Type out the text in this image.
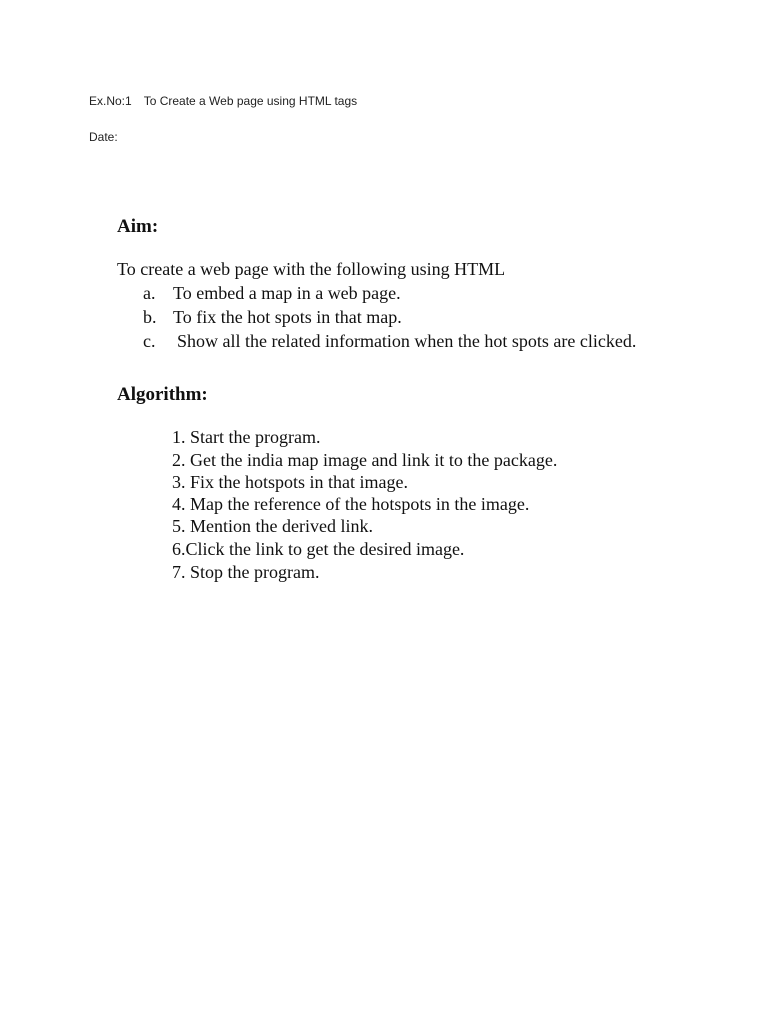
Ex.No:1 To Create a Web page using HTML tags
Date:
Aim:
To create a web page with the following using HTML
a. To embed a map in a web page.
b. To fix the hot spots in that map.
c. Show all the related information when the hot spots are clicked.
Algorithm:
1. Start the program.
2. Get the india map image and link it to the package.
3. Fix the hotspots in that image.
4. Map the reference of the hotspots in the image.
5. Mention the derived link.
6.Click the link to get the desired image.
7. Stop the program.
